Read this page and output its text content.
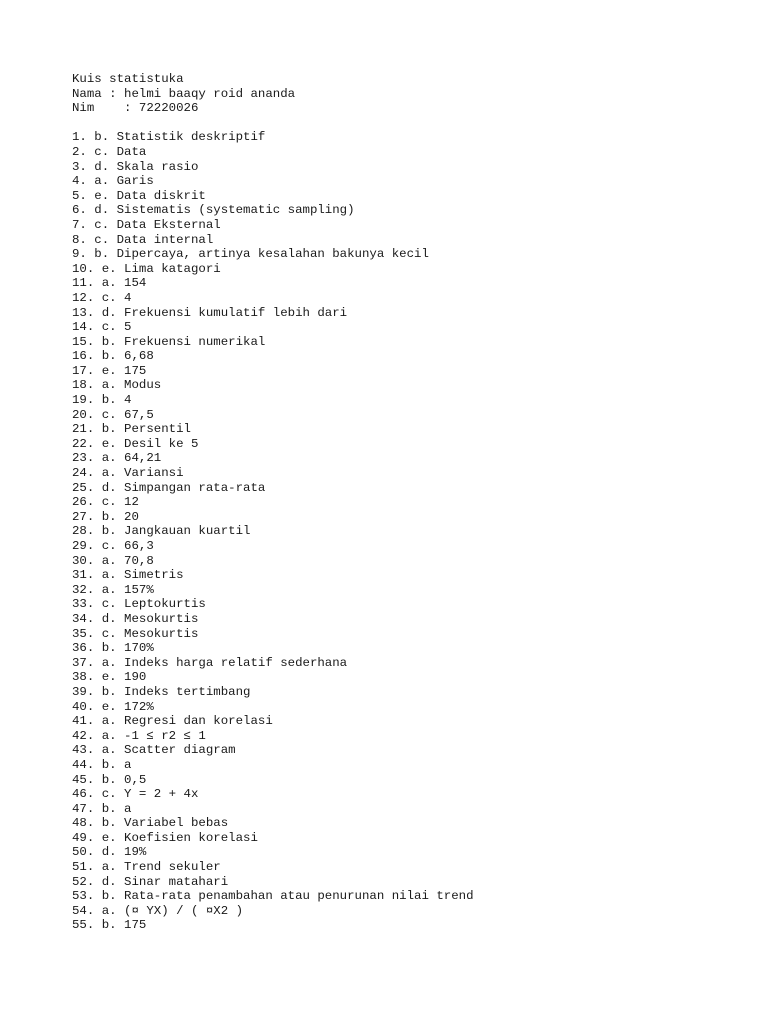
Kuis statistuka
Nama : helmi baaqy roid ananda
Nim    : 72220026
1. b. Statistik deskriptif
2. c. Data
3. d. Skala rasio
4. a. Garis
5. e. Data diskrit
6. d. Sistematis (systematic sampling)
7. c. Data Eksternal
8. c. Data internal
9. b. Dipercaya, artinya kesalahan bakunya kecil
10. e. Lima katagori
11. a. 154
12. c. 4
13. d. Frekuensi kumulatif lebih dari
14. c. 5
15. b. Frekuensi numerikal
16. b. 6,68
17. e. 175
18. a. Modus
19. b. 4
20. c. 67,5
21. b. Persentil
22. e. Desil ke 5
23. a. 64,21
24. a. Variansi
25. d. Simpangan rata-rata
26. c. 12
27. b. 20
28. b. Jangkauan kuartil
29. c. 66,3
30. a. 70,8
31. a. Simetris
32. a. 157%
33. c. Leptokurtis
34. d. Mesokurtis
35. c. Mesokurtis
36. b. 170%
37. a. Indeks harga relatif sederhana
38. e. 190
39. b. Indeks tertimbang
40. e. 172%
41. a. Regresi dan korelasi
42. a. -1 ≤ r2 ≤ 1
43. a. Scatter diagram
44. b. a
45. b. 0,5
46. c. Y = 2 + 4x
47. b. a
48. b. Variabel bebas
49. e. Koefisien korelasi
50. d. 19%
51. a. Trend sekuler
52. d. Sinar matahari
53. b. Rata-rata penambahan atau penurunan nilai trend
54. a. (¤ YX) / ( ¤X2 )
55. b. 175
